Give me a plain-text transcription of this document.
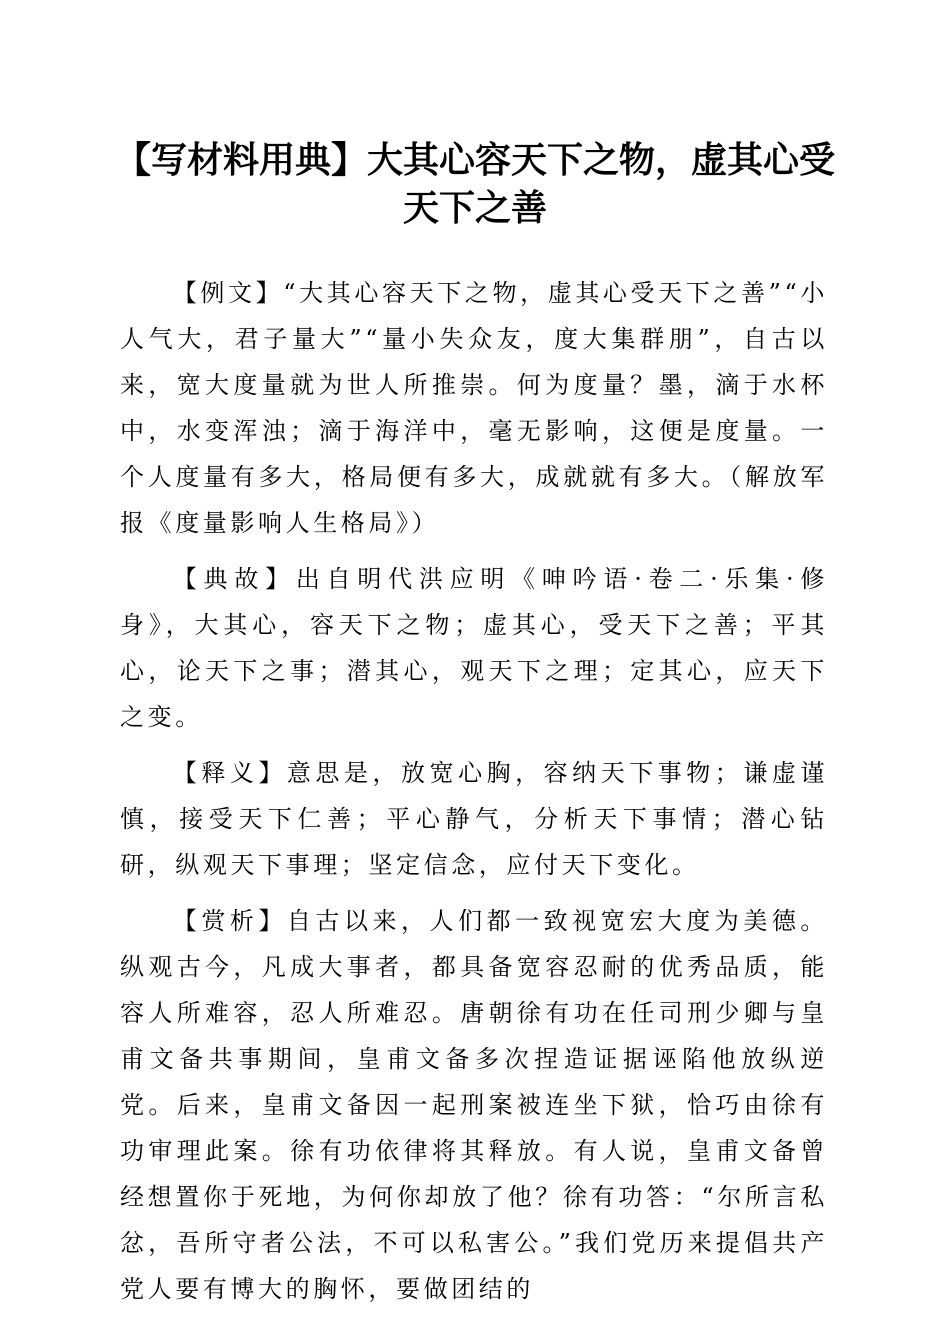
【写材料用典】大其心容天下之物，虚其心受天下之善

【例文】“大其心容天下之物，虚其心受天下之善”“小人气大，君子量大”“量小失众友，度大集群朋”，自古以来，宽大度量就为世人所推崇。何为度量？墨，滴于水杯中，水变浑浊；滴于海洋中，毫无影响，这便是度量。一个人度量有多大，格局便有多大，成就就有多大。（解放军报《度量影响人生格局》）

【典故】出自明代洪应明《呻吟语·卷二·乐集·修身》，大其心，容天下之物；虚其心，受天下之善；平其心，论天下之事；潜其心，观天下之理；定其心，应天下之变。

【释义】意思是，放宽心胸，容纳天下事物；谦虚谨慎，接受天下仁善；平心静气，分析天下事情；潜心钻研，纵观天下事理；坚定信念，应付天下变化。

【赏析】自古以来，人们都一致视宽宏大度为美德。纵观古今，凡成大事者，都具备宽容忍耐的优秀品质，能容人所难容，忍人所难忍。唐朝徐有功在任司刑少卿与皇甫文备共事期间，皇甫文备多次捏造证据诬陷他放纵逆党。后来，皇甫文备因一起刑案被连坐下狱，恰巧由徐有功审理此案。徐有功依律将其释放。有人说，皇甫文备曾经想置你于死地，为何你却放了他？徐有功答：“尔所言私忿，吾所守者公法，不可以私害公。”我们党历来提倡共产党人要有博大的胸怀，要做团结的
